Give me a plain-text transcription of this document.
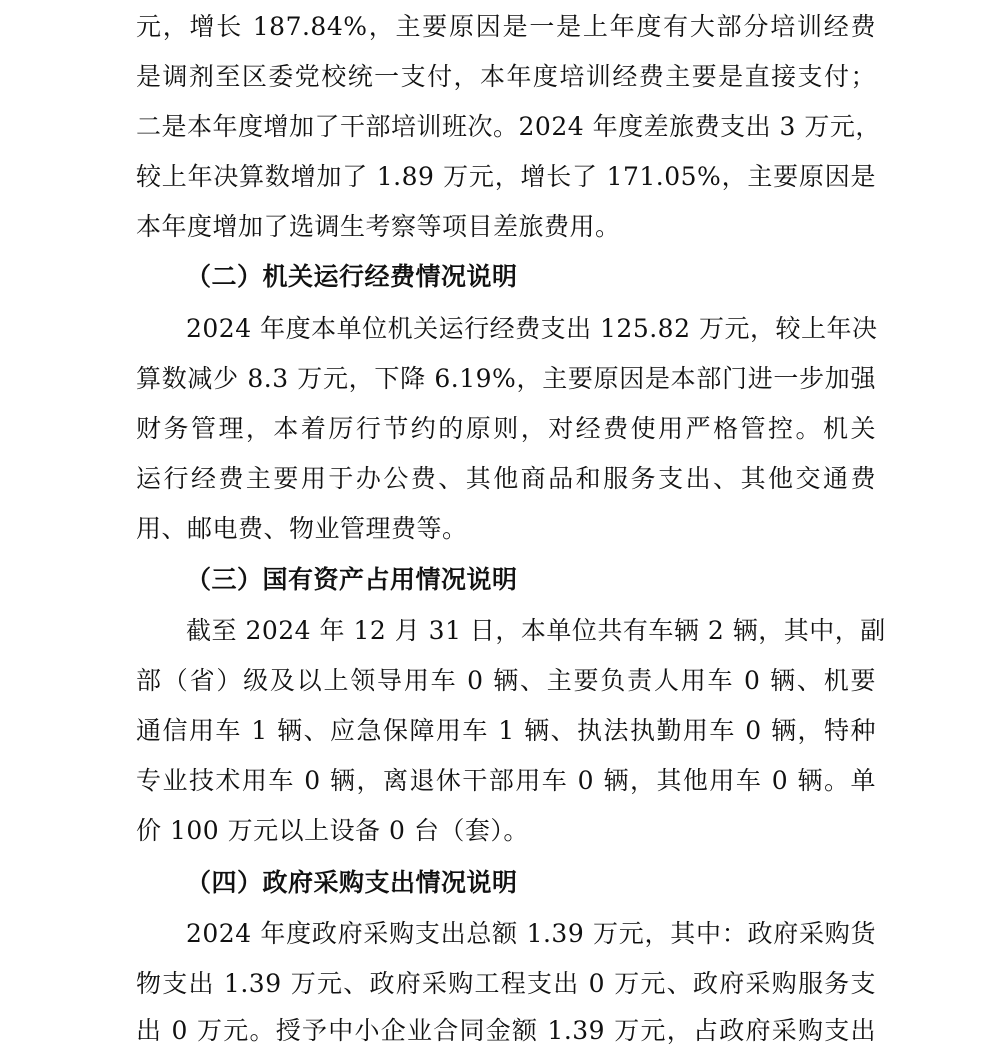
元，增长 187.84%，主要原因是一是上年度有大部分培训经费
是调剂至区委党校统一支付，本年度培训经费主要是直接支付；
二是本年度增加了干部培训班次。2024 年度差旅费支出 3 万元，
较上年决算数增加了 1.89 万元，增长了 171.05%，主要原因是
本年度增加了选调生考察等项目差旅费用。
（二）机关运行经费情况说明
2024 年度本单位机关运行经费支出 125.82 万元，较上年决
算数减少 8.3 万元，下降 6.19%，主要原因是本部门进一步加强
财务管理，本着厉行节约的原则，对经费使用严格管控。机关
运行经费主要用于办公费、其他商品和服务支出、其他交通费
用、邮电费、物业管理费等。
（三）国有资产占用情况说明
截至 2024 年 12 月 31 日，本单位共有车辆 2 辆，其中，副
部（省）级及以上领导用车 0 辆、主要负责人用车 0 辆、机要
通信用车 1 辆、应急保障用车 1 辆、执法执勤用车 0 辆，特种
专业技术用车 0 辆，离退休干部用车 0 辆，其他用车 0 辆。单
价 100 万元以上设备 0 台（套）。
（四）政府采购支出情况说明
2024 年度政府采购支出总额 1.39 万元，其中：政府采购货
物支出 1.39 万元、政府采购工程支出 0 万元、政府采购服务支
出 0 万元。授予中小企业合同金额 1.39 万元，占政府采购支出
